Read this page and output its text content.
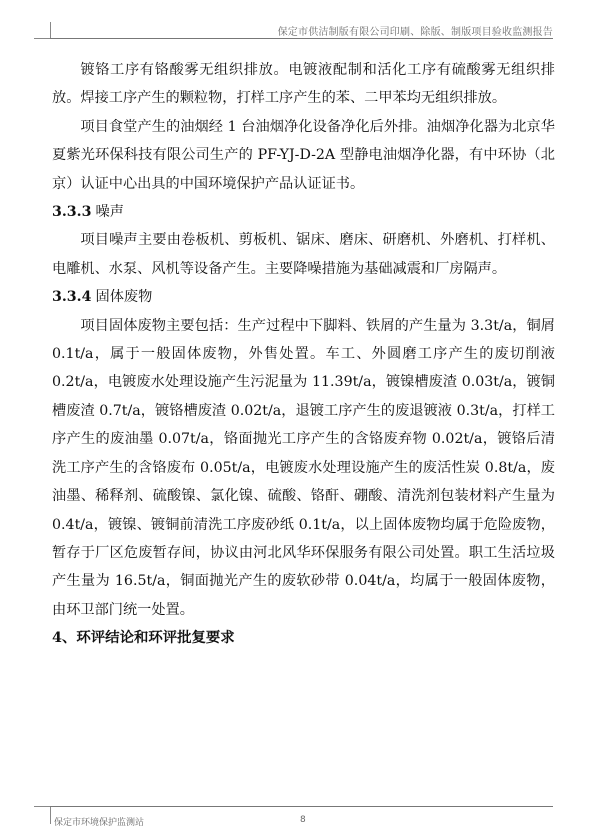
保定市供洁制版有限公司印刷、除版、制版项目验收监测报告

镀铬工序有铬酸雾无组织排放。电镀液配制和活化工序有硫酸雾无组织排放。焊接工序产生的颗粒物，打样工序产生的苯、二甲苯均无组织排放。

项目食堂产生的油烟经 1 台油烟净化设备净化后外排。油烟净化器为北京华夏紫光环保科技有限公司生产的 PF-YJ-D-2A 型静电油烟净化器，有中环协（北京）认证中心出具的中国环境保护产品认证证书。

3.3.3 噪声

项目噪声主要由卷板机、剪板机、锯床、磨床、研磨机、外磨机、打样机、电雕机、水泵、风机等设备产生。主要降噪措施为基础减震和厂房隔声。

3.3.4 固体废物

项目固体废物主要包括：生产过程中下脚料、铁屑的产生量为 3.3t/a，铜屑 0.1t/a，属于一般固体废物，外售处置。车工、外圆磨工序产生的废切削液 0.2t/a，电镀废水处理设施产生污泥量为 11.39t/a，镀镍槽废渣 0.03t/a，镀铜槽废渣 0.7t/a，镀铬槽废渣 0.02t/a，退镀工序产生的废退镀液 0.3t/a，打样工序产生的废油墨 0.07t/a，铬面抛光工序产生的含铬废弃物 0.02t/a，镀铬后清洗工序产生的含铬废布 0.05t/a，电镀废水处理设施产生的废活性炭 0.8t/a，废油墨、稀释剂、硫酸镍、氯化镍、硫酸、铬酐、硼酸、清洗剂包装材料产生量为 0.4t/a，镀镍、镀铜前清洗工序废砂纸 0.1t/a，以上固体废物均属于危险废物，暂存于厂区危废暂存间，协议由河北风华环保服务有限公司处置。职工生活垃圾产生量为 16.5t/a，铜面抛光产生的废软砂带 0.04t/a，均属于一般固体废物，由环卫部门统一处置。

4、环评结论和环评批复要求
保定市环境保护监测站	8
